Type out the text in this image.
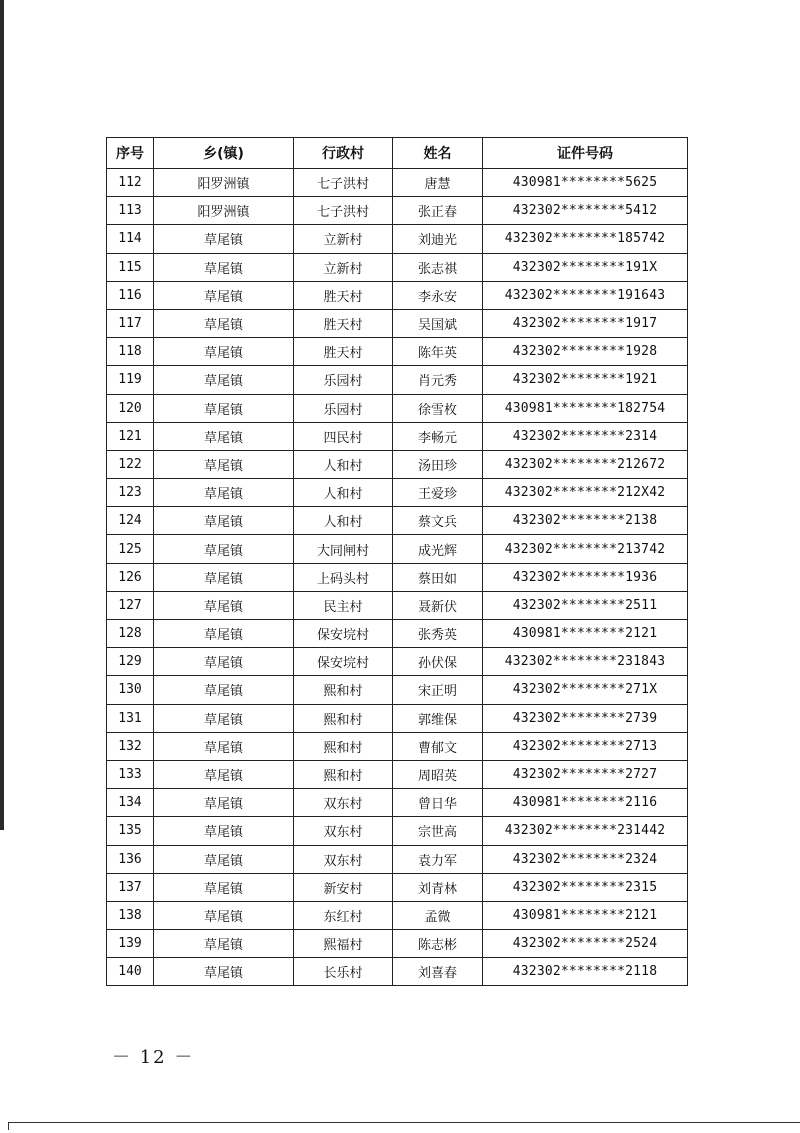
序号	乡(镇)	行政村	姓名	证件号码
112	阳罗洲镇	七子洪村	唐慧	430981********5625
113	阳罗洲镇	七子洪村	张正春	432302********5412
114	草尾镇	立新村	刘迪光	432302********185742
115	草尾镇	立新村	张志祺	432302********191X
116	草尾镇	胜天村	李永安	432302********191643
117	草尾镇	胜天村	吴国斌	432302********1917
118	草尾镇	胜天村	陈年英	432302********1928
119	草尾镇	乐园村	肖元秀	432302********1921
120	草尾镇	乐园村	徐雪枚	430981********182754
121	草尾镇	四民村	李畅元	432302********2314
122	草尾镇	人和村	汤田珍	432302********212672
123	草尾镇	人和村	王爱珍	432302********212X42
124	草尾镇	人和村	蔡文兵	432302********2138
125	草尾镇	大同闸村	成光辉	432302********213742
126	草尾镇	上码头村	蔡田如	432302********1936
127	草尾镇	民主村	聂新伏	432302********2511
128	草尾镇	保安垸村	张秀英	430981********2121
129	草尾镇	保安垸村	孙伏保	432302********231843
130	草尾镇	熙和村	宋正明	432302********271X
131	草尾镇	熙和村	郭维保	432302********2739
132	草尾镇	熙和村	曹郁文	432302********2713
133	草尾镇	熙和村	周昭英	432302********2727
134	草尾镇	双东村	曾日华	430981********2116
135	草尾镇	双东村	宗世高	432302********231442
136	草尾镇	双东村	袁力军	432302********2324
137	草尾镇	新安村	刘青林	432302********2315
138	草尾镇	东红村	孟微	430981********2121
139	草尾镇	熙福村	陈志彬	432302********2524
140	草尾镇	长乐村	刘喜春	432302********2118
－ 12 －
